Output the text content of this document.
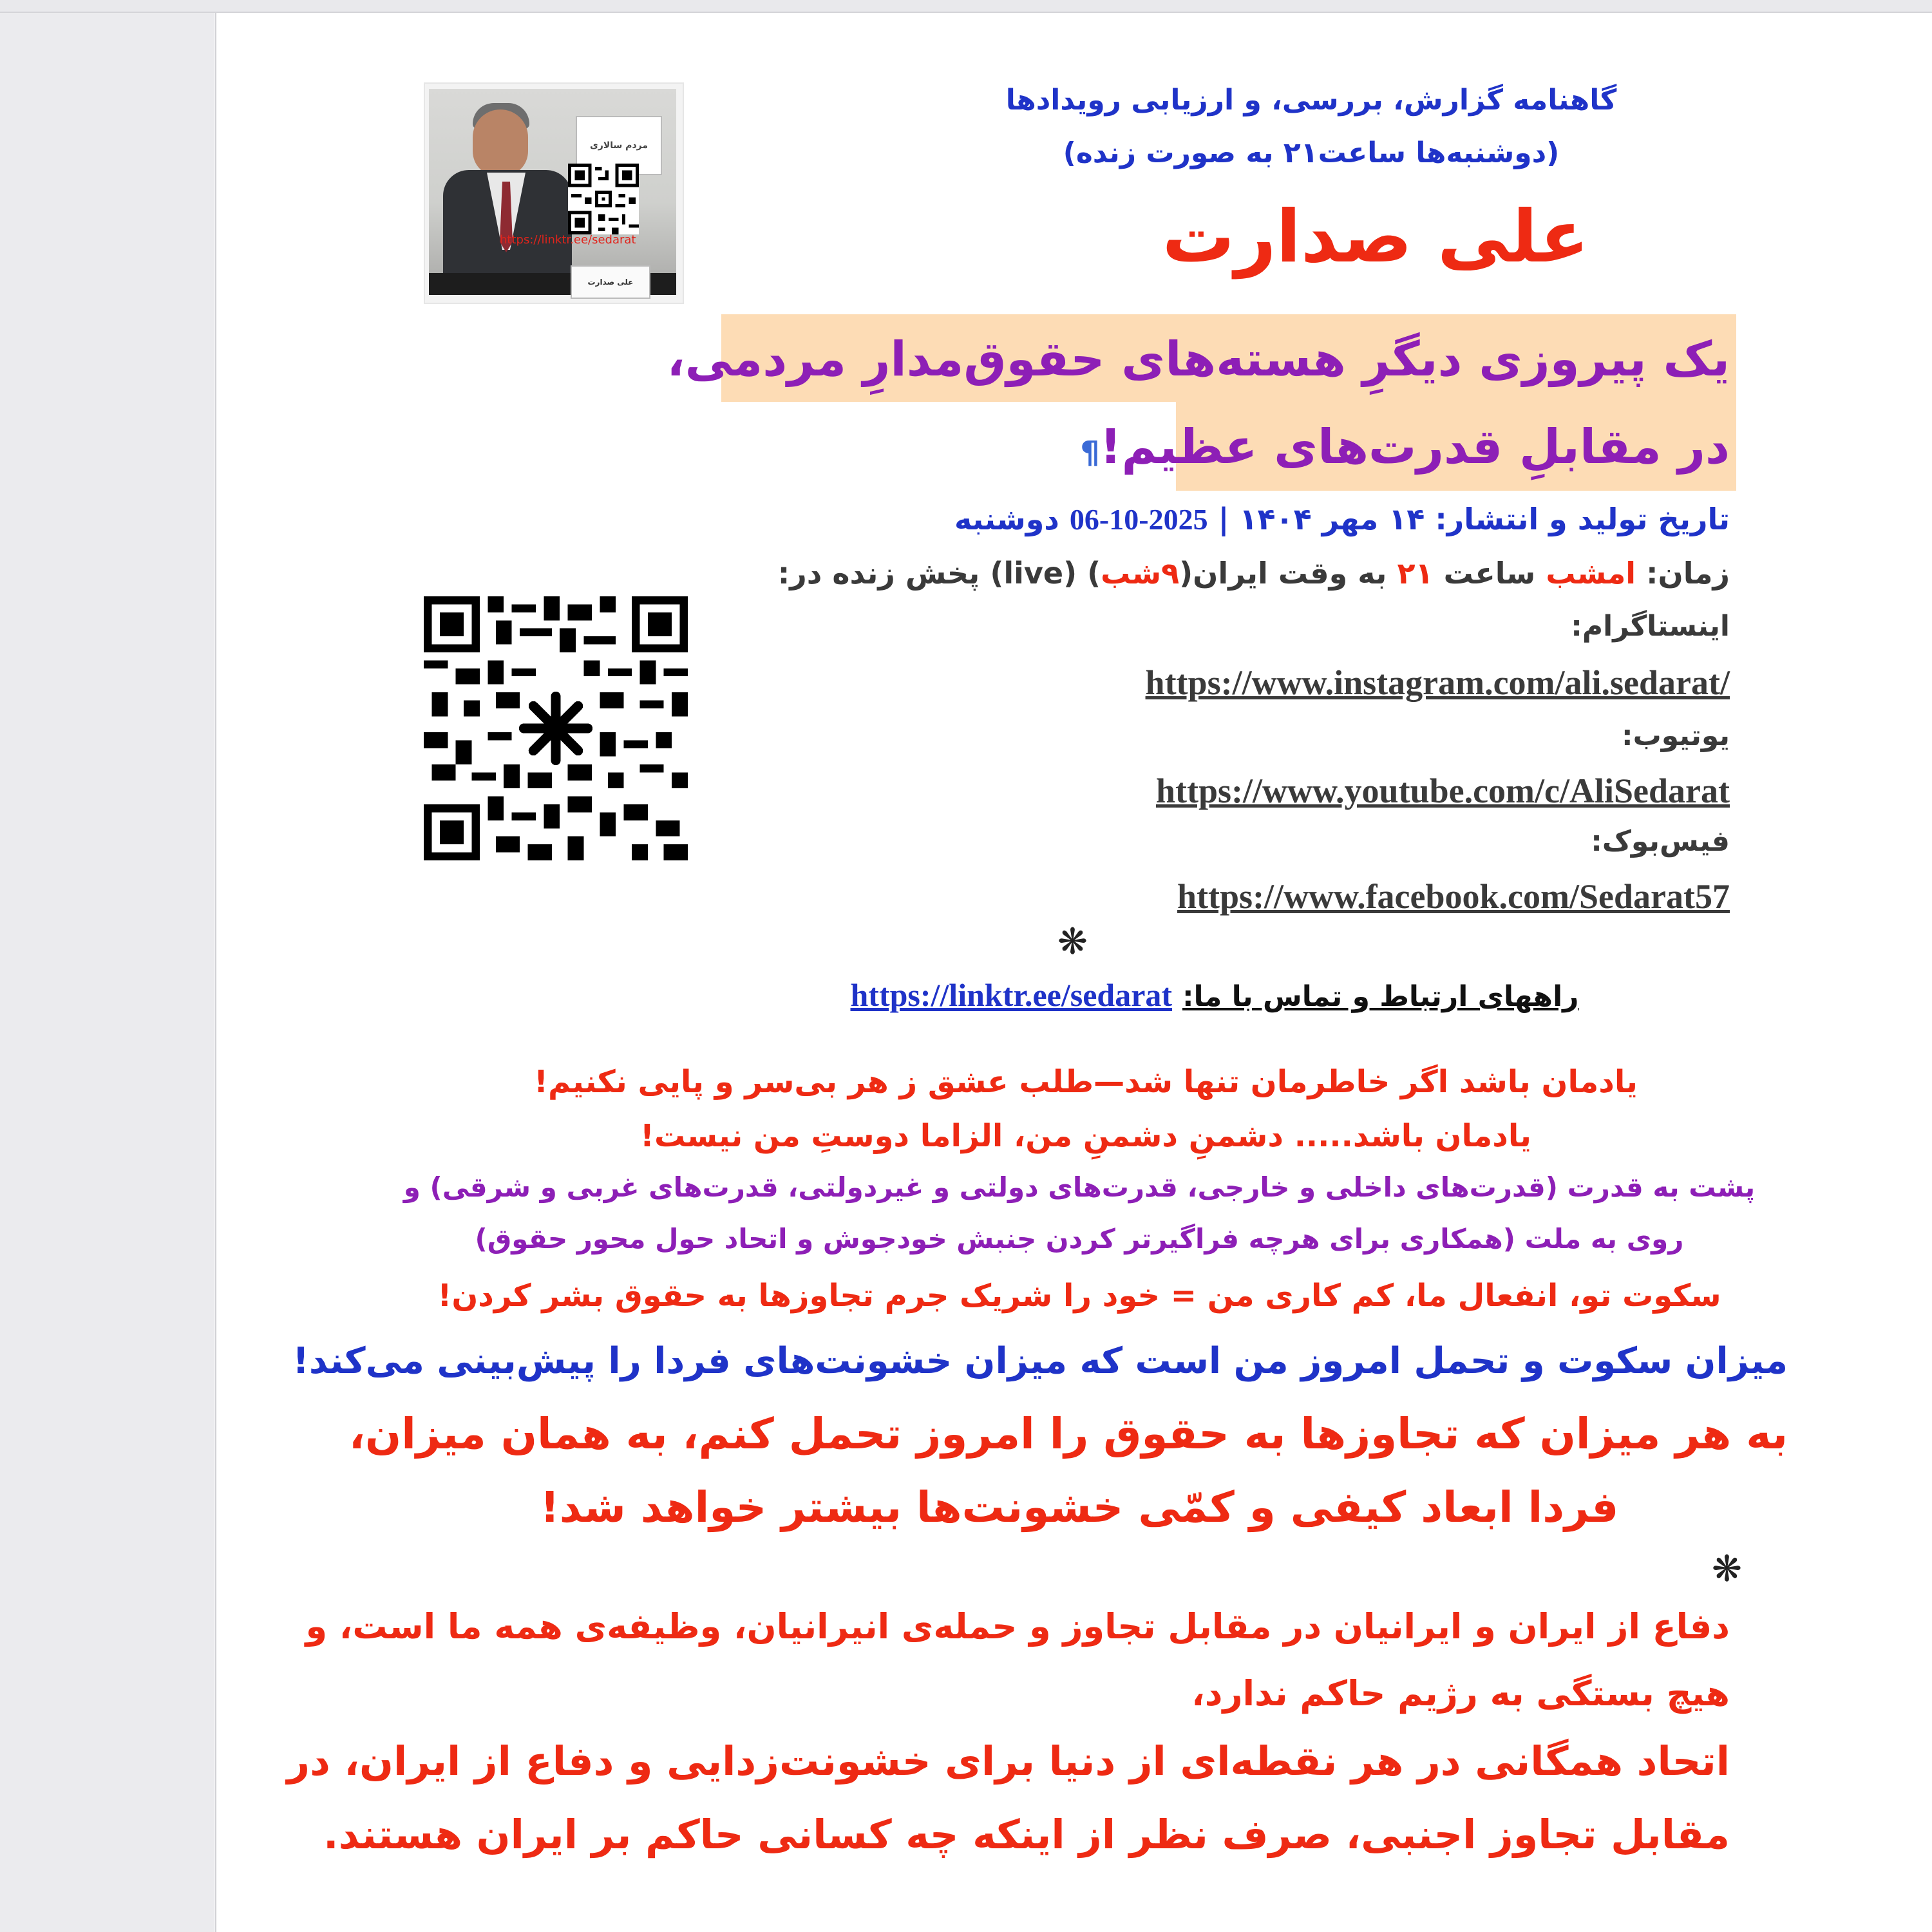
مردم سالاری
https://linktr.ee/sedarat
علی صدارت
گاهنامه گزارش، بررسی، و ارزیابی رویدادها
(دوشنبه‌ها ساعت۲۱ به صورت زنده)
علی صدارت
یک پیروزی دیگرِ هسته‌های حقوق‌مدارِ مردمی،
در مقابلِ قدرت‌های عظیم!¶
تاریخ تولید و انتشار: ۱۴ مهر ۱۴۰۴ | 2025-10-06 دوشنبه
زمان: امشب ساعت ۲۱ به وقت ایران(۹شب) (live) پخش زنده در:
اینستاگرام:
https://www.instagram.com/ali.sedarat/
یوتیوب:
https://www.youtube.com/c/AliSedarat
فیس‌بوک:
https://www.facebook.com/Sedarat57
❋
https://linktr.ee/sedarat راههای ارتباط و تماس با ما:
یادمان باشد اگر خاطرمان تنها شد—طلب عشق ز هر بی‌سر و پایی نکنیم!
یادمان باشد..... دشمنِ دشمنِ من، الزاما دوستِ من نیست!
پشت به قدرت (قدرت‌های داخلی و خارجی، قدرت‌های دولتی و غیردولتی، قدرت‌های غربی و شرقی) و
روی به ملت (همکاری برای هرچه فراگیرتر کردن جنبش خودجوش و اتحاد حول محور حقوق)
سکوت تو، انفعال ما، کم کاری من = خود را شریک جرم تجاوزها به حقوق بشر کردن!
میزان سکوت و تحمل امروز من است که میزان خشونت‌های فردا را پیش‌بینی می‌کند!
به هر میزان که تجاوزها به حقوق را امروز تحمل کنم، به همان میزان،
فردا ابعاد کیفی و کمّی خشونت‌ها بیشتر خواهد شد!
❋
دفاع از ایران و ایرانیان در مقابل تجاوز و حمله‌ی انیرانیان، وظیفه‌ی همه ما است، و
هیچ بستگی به رژیم حاکم ندارد،
اتحاد همگانی در هر نقطه‌ای از دنیا برای خشونت‌زدایی و دفاع از ایران، در
مقابل تجاوز اجنبی، صرف نظر از اینکه چه کسانی حاکم بر ایران هستند.
